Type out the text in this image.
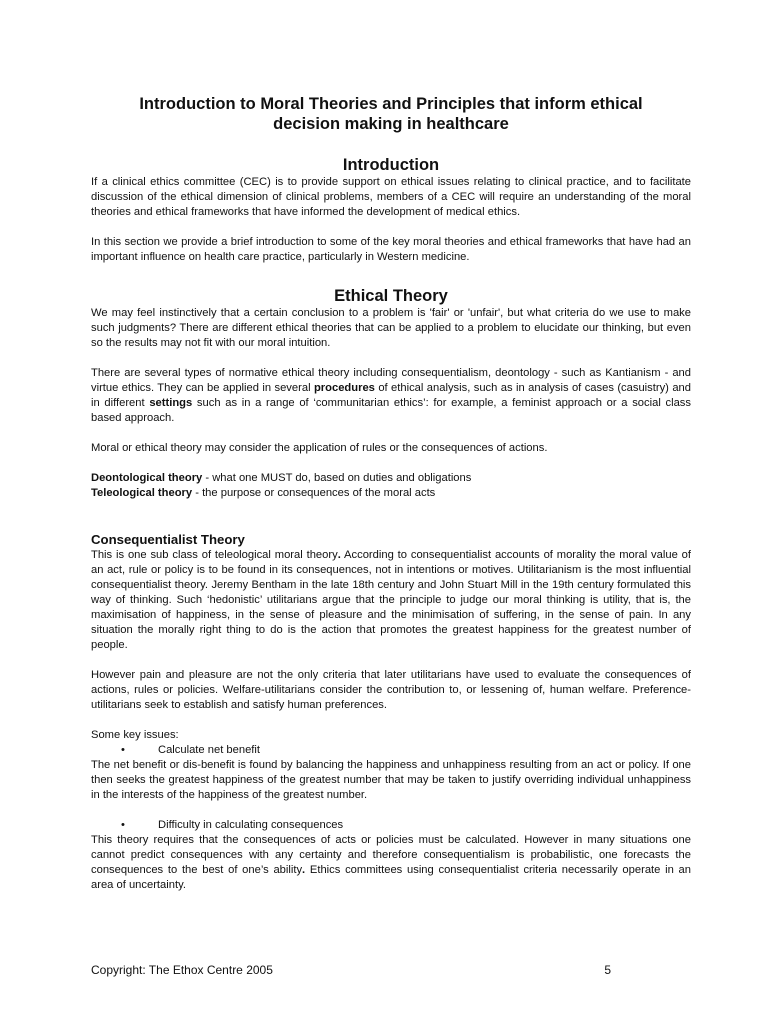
Introduction to Moral Theories and Principles that inform ethical
decision making in healthcare
Introduction

If a clinical ethics committee (CEC) is to provide support on ethical issues relating to clinical practice, and to facilitate discussion of the ethical dimension of clinical problems, members of a CEC will require an understanding of the moral theories and ethical frameworks that have informed the development of medical ethics.

In this section we provide a brief introduction to some of the key moral theories and ethical frameworks that have had an important influence on health care practice, particularly in Western medicine.

Ethical Theory

We may feel instinctively that a certain conclusion to a problem is 'fair' or 'unfair', but what criteria do we use to make such judgments? There are different ethical theories that can be applied to a problem to elucidate our thinking, but even so the results may not fit with our moral intuition.

There are several types of normative ethical theory including consequentialism, deontology - such as Kantianism - and virtue ethics. They can be applied in several procedures of ethical analysis, such as in analysis of cases (casuistry) and in different settings such as in a range of ‘communitarian ethics’: for example, a feminist approach or a social class based approach.

Moral or ethical theory may consider the application of rules or the consequences of actions.

Deontological theory - what one MUST do, based on duties and obligations

Teleological theory - the purpose or consequences of the moral acts

Consequentialist Theory

This is one sub class of teleological moral theory. According to consequentialist accounts of morality the moral value of an act, rule or policy is to be found in its consequences, not in intentions or motives. Utilitarianism is the most influential consequentialist theory. Jeremy Bentham in the late 18th century and John Stuart Mill in the 19th century formulated this way of thinking. Such ‘hedonistic’ utilitarians argue that the principle to judge our moral thinking is utility, that is, the maximisation of happiness, in the sense of pleasure and the minimisation of suffering, in the sense of pain. In any situation the morally right thing to do is the action that promotes the greatest happiness for the greatest number of people.

However pain and pleasure are not the only criteria that later utilitarians have used to evaluate the consequences of actions, rules or policies. Welfare-utilitarians consider the contribution to, or lessening of, human welfare. Preference-utilitarians seek to establish and satisfy human preferences.

Some key issues:

•	Calculate net benefit

The net benefit or dis-benefit is found by balancing the happiness and unhappiness resulting from an act or policy. If one then seeks the greatest happiness of the greatest number that may be taken to justify overriding individual unhappiness in the interests of the happiness of the greatest number.

•	Difficulty in calculating consequences

This theory requires that the consequences of acts or policies must be calculated. However in many situations one cannot predict consequences with any certainty and therefore consequentialism is probabilistic, one forecasts the consequences to the best of one’s ability. Ethics committees using consequentialist criteria necessarily operate in an area of uncertainty.

Copyright: The Ethox Centre 2005	5
